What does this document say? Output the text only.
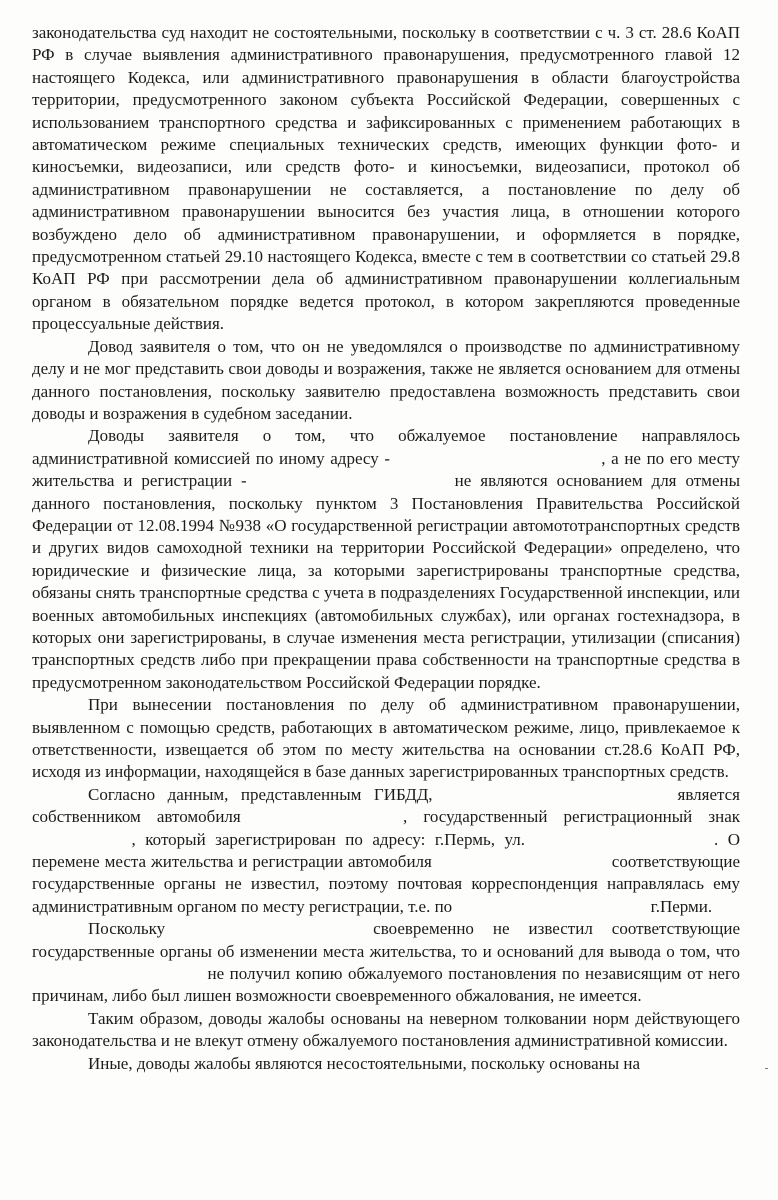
законодательства суд находит не состоятельными, поскольку в соответствии с ч. 3 ст. 28.6 КоАП РФ в случае выявления административного правонарушения, предусмотренного главой 12 настоящего Кодекса, или административного правонарушения в области благоустройства территории, предусмотренного законом субъекта Российской Федерации, совершенных с использованием транспортного средства и зафиксированных с применением работающих в автоматическом режиме специальных технических средств, имеющих функции фото- и киносъемки, видеозаписи, или средств фото- и киносъемки, видеозаписи, протокол об административном правонарушении не составляется, а постановление по делу об административном правонарушении выносится без участия лица, в отношении которого возбуждено дело об административном правонарушении, и оформляется в порядке, предусмотренном статьей 29.10 настоящего Кодекса, вместе с тем в соответствии со статьей 29.8 КоАП РФ при рассмотрении дела об административном правонарушении коллегиальным органом в обязательном порядке ведется протокол, в котором закрепляются проведенные процессуальные действия.

Довод заявителя о том, что он не уведомлялся о производстве по административному делу и не мог представить свои доводы и возражения, также не является основанием для отмены данного постановления, поскольку заявителю предоставлена возможность представить свои доводы и возражения в судебном заседании.

Доводы заявителя о том, что обжалуемое постановление направлялось административной комиссией по иному адресу -	, а не по его месту жительства и регистрации -	не являются основанием для отмены данного постановления, поскольку пунктом 3 Постановления Правительства Российской Федерации от 12.08.1994 №938 «О государственной регистрации автомототранспортных средств и других видов самоходной техники на территории Российской Федерации» определено, что юридические и физические лица, за которыми зарегистрированы транспортные средства, обязаны снять транспортные средства с учета в подразделениях Государственной инспекции, или военных автомобильных инспекциях (автомобильных службах), или органах гостехнадзора, в которых они зарегистрированы, в случае изменения места регистрации, утилизации (списания) транспортных средств либо при прекращении права собственности на транспортные средства в предусмотренном законодательством Российской Федерации порядке.

При вынесении постановления по делу об административном правонарушении, выявленном с помощью средств, работающих в автоматическом режиме, лицо, привлекаемое к ответственности, извещается об этом по месту жительства на основании ст.28.6 КоАП РФ, исходя из информации, находящейся в базе данных зарегистрированных транспортных средств.

Согласно данным, представленным ГИБДД,	является собственником автомобиля	, государственный регистрационный знак  , который зарегистрирован по адресу: г.Пермь, ул.	. О перемене места жительства и регистрации автомобиля	соответствующие государственные органы не известил, поэтому почтовая корреспонденция направлялась ему административным органом по месту регистрации, т.е. по	г.Перми.

Поскольку	своевременно не известил соответствующие государственные органы об изменении места жительства, то и оснований для вывода о том, что  не получил копию обжалуемого постановления по независящим от него причинам, либо был лишен возможности своевременного обжалования, не имеется.

Таким образом, доводы жалобы основаны на неверном толковании норм действующего законодательства и не влекут отмену обжалуемого постановления административной комиссии.

Иные, доводы жалобы являются несостоятельными, поскольку основаны на
